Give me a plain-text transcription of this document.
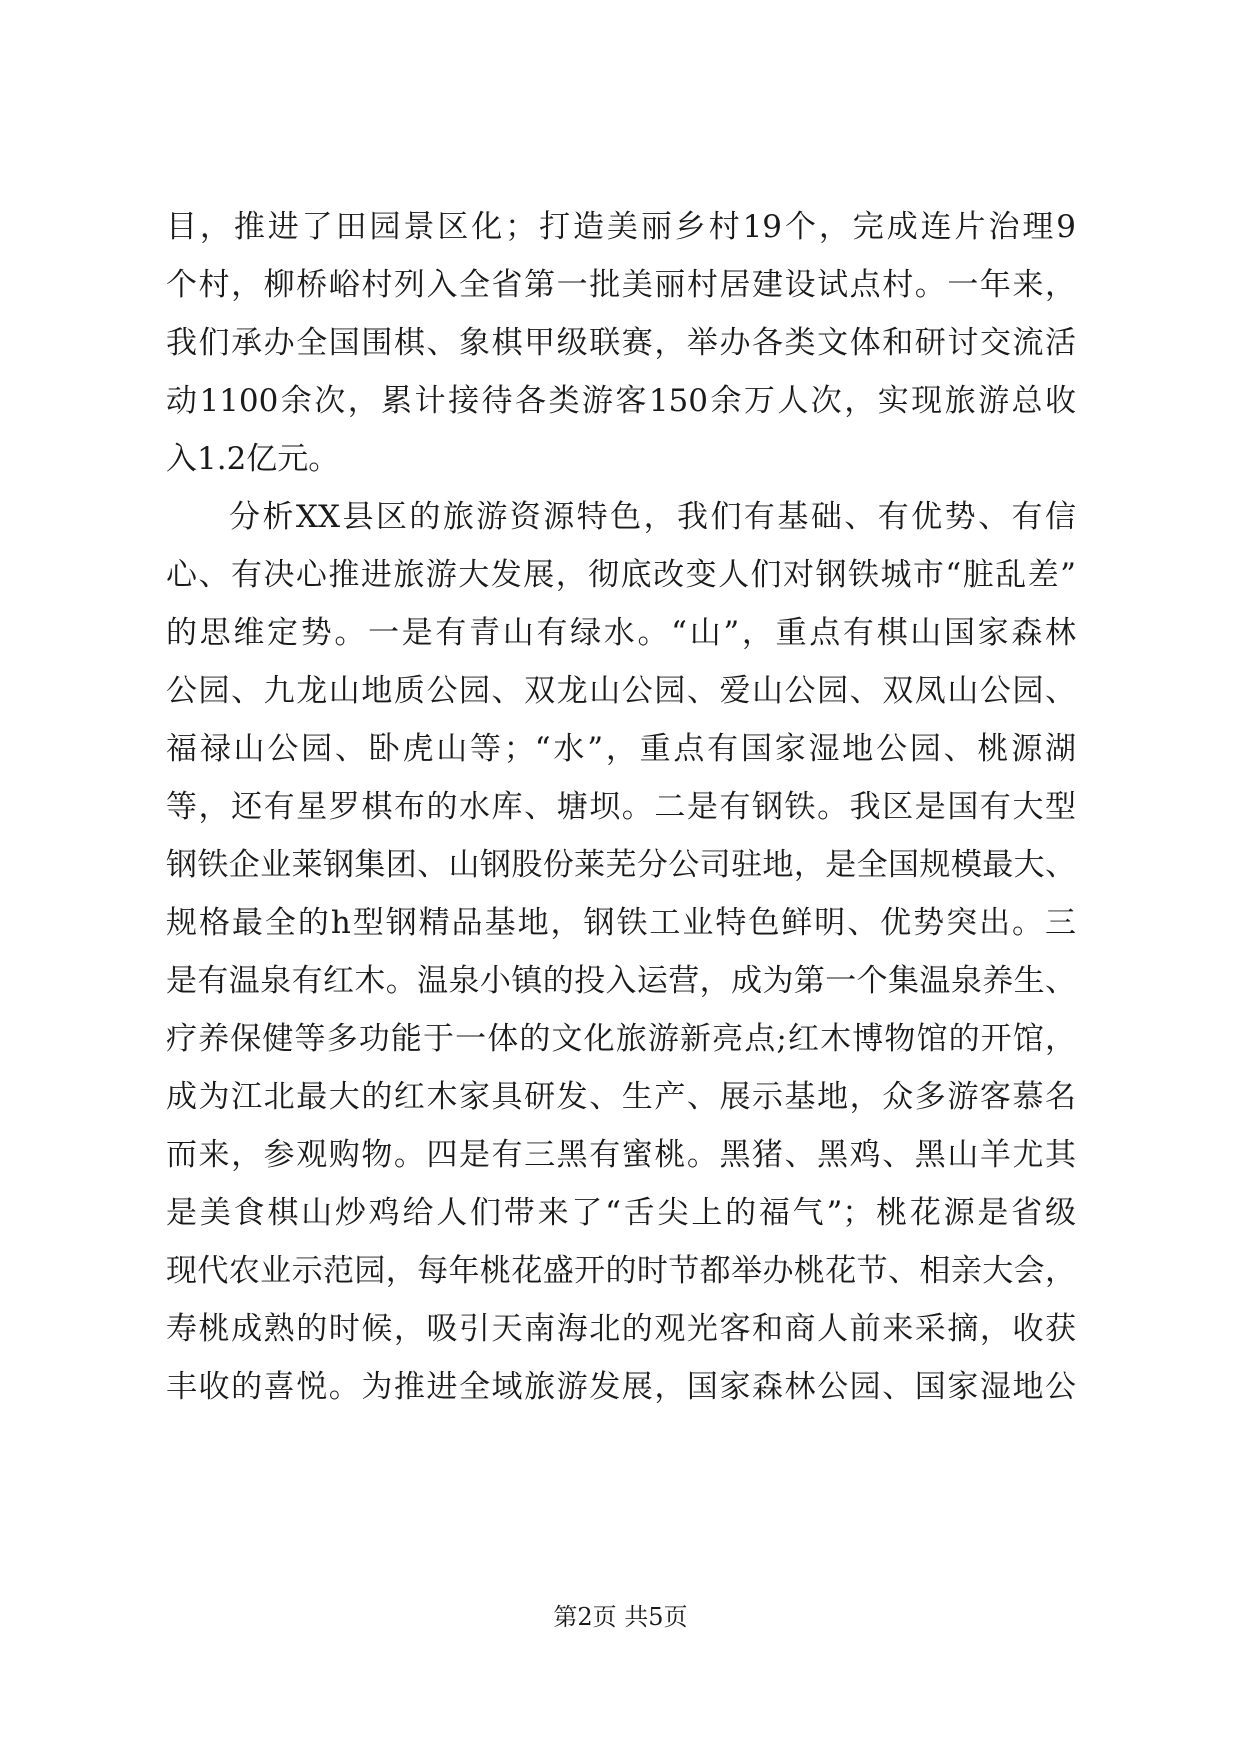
目，推进了田园景区化；打造美丽乡村19个，完成连片治理9
个村，柳桥峪村列入全省第一批美丽村居建设试点村。一年来，
我们承办全国围棋、象棋甲级联赛，举办各类文体和研讨交流活
动1100余次，累计接待各类游客150余万人次，实现旅游总收
入1.2亿元。
分析XX县区的旅游资源特色，我们有基础、有优势、有信
心、有决心推进旅游大发展，彻底改变人们对钢铁城市“脏乱差”
的思维定势。一是有青山有绿水。“山”，重点有棋山国家森林
公园、九龙山地质公园、双龙山公园、爱山公园、双凤山公园、
福禄山公园、卧虎山等；“水”，重点有国家湿地公园、桃源湖
等，还有星罗棋布的水库、塘坝。二是有钢铁。我区是国有大型
钢铁企业莱钢集团、山钢股份莱芜分公司驻地，是全国规模最大、
规格最全的h型钢精品基地，钢铁工业特色鲜明、优势突出。三
是有温泉有红木。温泉小镇的投入运营，成为第一个集温泉养生、
疗养保健等多功能于一体的文化旅游新亮点;红木博物馆的开馆，
成为江北最大的红木家具研发、生产、展示基地，众多游客慕名
而来，参观购物。四是有三黑有蜜桃。黑猪、黑鸡、黑山羊尤其
是美食棋山炒鸡给人们带来了“舌尖上的福气”；桃花源是省级
现代农业示范园，每年桃花盛开的时节都举办桃花节、相亲大会，
寿桃成熟的时候，吸引天南海北的观光客和商人前来采摘，收获
丰收的喜悦。为推进全域旅游发展，国家森林公园、国家湿地公
第2页 共5页
